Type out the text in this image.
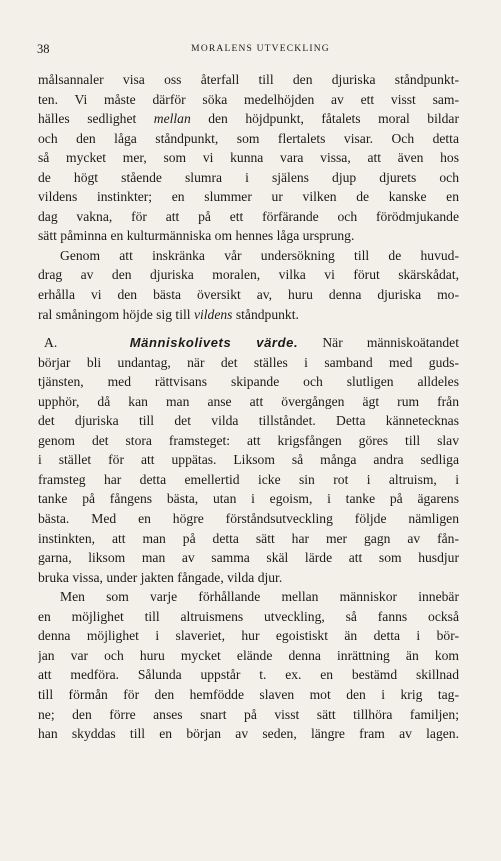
38	MORALENS UTVECKLING
målsannaler visa oss återfall till den djuriska ståndpunkt-
ten. Vi måste därför söka medelhöjden av ett visst sam-
hälles sedlighet mellan den höjdpunkt, fåtalets moral bildar
och den låga ståndpunkt, som flertalets visar. Och detta
så mycket mer, som vi kunna vara vissa, att även hos
de högt stående slumra i själens djup djurets och
vildens instinkter; en slummer ur vilken de kanske en
dag vakna, för att på ett förfärande och förödmjukande
sätt påminna en kulturmänniska om hennes låga ursprung.
Genom att inskränka vår undersökning till de huvud-
drag av den djuriska moralen, vilka vi förut skärskådat,
erhålla vi den bästa översikt av, huru denna djuriska mo-
ral småningom höjde sig till vildens ståndpunkt.
A.	Människolivets värde. När människoätandet
börjar bli undantag, när det ställes i samband med guds-
tjänsten, med rättvisans skipande och slutligen alldeles
upphör, då kan man anse att övergången ägt rum från
det djuriska till det vilda tillståndet. Detta kännetecknas
genom det stora framsteget: att krigsfången göres till slav
i stället för att uppätas. Liksom så många andra sedliga
framsteg har detta emellertid icke sin rot i altruism, i
tanke på fångens bästa, utan i egoism, i tanke på ägarens
bästa. Med en högre förståndsutveckling följde nämligen
instinkten, att man på detta sätt har mer gagn av fån-
garna, liksom man av samma skäl lärde att som husdjur
bruka vissa, under jakten fångade, vilda djur.
Men som varje förhållande mellan människor innebär
en möjlighet till altruismens utveckling, så fanns också
denna möjlighet i slaveriet, hur egoistiskt än detta i bör-
jan var och huru mycket elände denna inrättning än kom
att medföra. Sålunda uppstår t. ex. en bestämd skillnad
till förmån för den hemfödde slaven mot den i krig tag-
ne; den förre anses snart på visst sätt tillhöra familjen;
han skyddas till en början av seden, längre fram av lagen.
